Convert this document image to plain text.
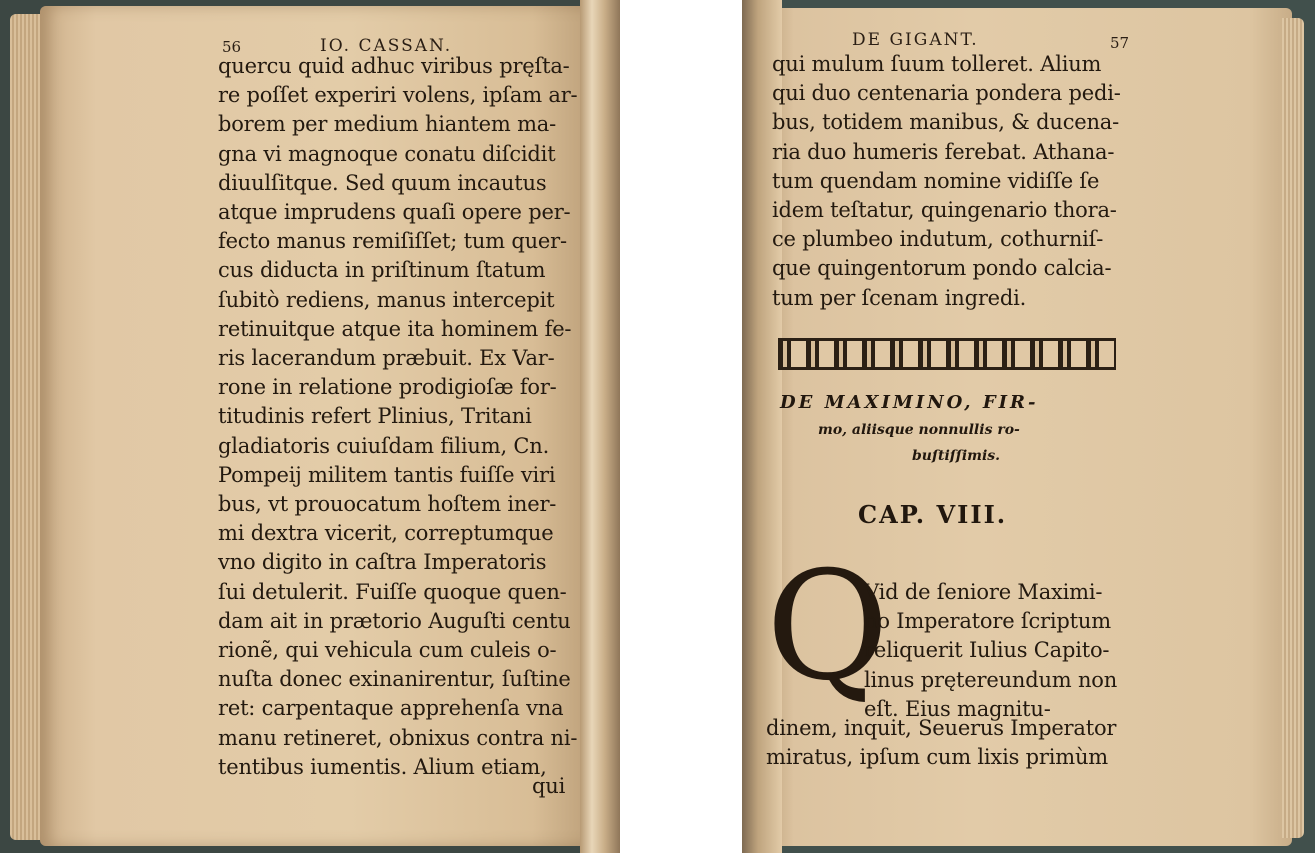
56	IO. CASSAN.
quercu quid adhuc viribus pręſta-
re poſſet experiri volens, ipſam ar-
borem per medium hiantem ma-
gna vi magnoque conatu diſcidit
diuulſitque. Sed quum incautus
atque imprudens quaſi opere per-
fecto manus remiſiſſet; tum quer-
cus diducta in priſtinum ſtatum
ſubitò rediens, manus intercepit
retinuitque atque ita hominem fe-
ris lacerandum præbuit. Ex Var-
rone in relatione prodigioſæ for-
titudinis refert Plinius, Tritani
gladiatoris cuiuſdam filium, Cn.
Pompeij militem tantis fuiſſe viri
bus, vt prouocatum hoſtem iner-
mi dextra vicerit, correptumque
vno digito in caſtra Imperatoris
ſui detulerit. Fuiſſe quoque quen-
dam ait in prætorio Auguſti centu
rionẽ, qui vehicula cum culeis o-
nuſta donec exinanirentur, ſuſtine
ret: carpentaque apprehenſa vna
manu retineret, obnixus contra ni-
tentibus iumentis. Alium etiam,
qui
DE GIGANT.	57
qui mulum ſuum tolleret. Alium
qui duo centenaria pondera pedi-
bus, totidem manibus, & ducena-
ria duo humeris ferebat. Athana-
tum quendam nomine vidiſſe ſe
idem teſtatur, quingenario thora-
ce plumbeo indutum, cothurniſ-
que quingentorum pondo calcia-
tum per ſcenam ingredi.
DE MAXIMINO, FIR-
mo, aliisque nonnullis ro-
buſtiſſimis.
CAP. VIII.
Q
Vid de ſeniore Maximi-
no Imperatore ſcriptum
reliquerit Iulius Capito-
linus prętereundum non
eſt. Eius magnitu-
dinem, inquit, Seuerus Imperator
miratus, ipſum cum lixis primùm
